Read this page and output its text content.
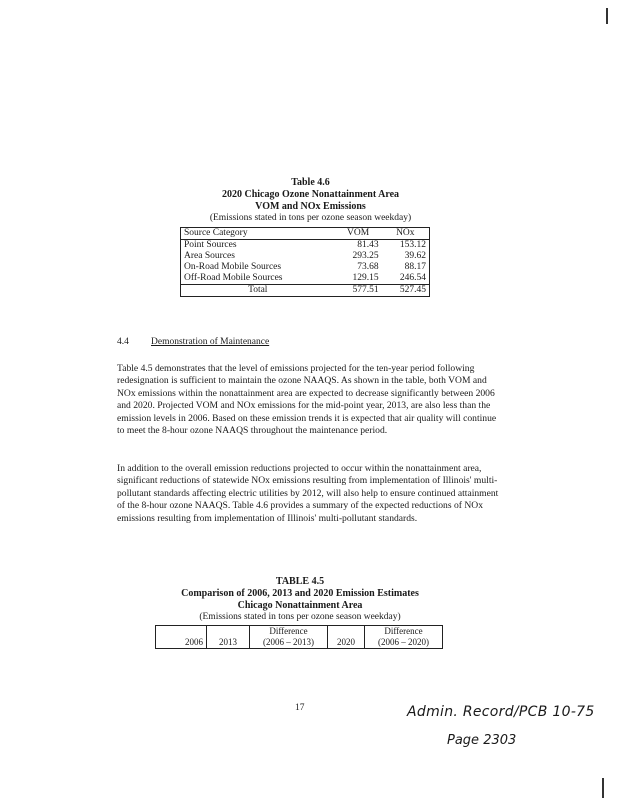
Table 4.6
2020 Chicago Ozone Nonattainment Area
VOM and NOx Emissions
(Emissions stated in tons per ozone season weekday)
Source Category	VOM	NOx
Point Sources	81.43	153.12
Area Sources	293.25	39.62
On-Road Mobile Sources	73.68	88.17
Off-Road Mobile Sources	129.15	246.54
Total	577.51	527.45
4.4 Demonstration of Maintenance
Table 4.5 demonstrates that the level of emissions projected for the ten-year period following redesignation is sufficient to maintain the ozone NAAQS. As shown in the table, both VOM and NOx emissions within the nonattainment area are expected to decrease significantly between 2006 and 2020. Projected VOM and NOx emissions for the mid-point year, 2013, are also less than the emission levels in 2006. Based on these emission trends it is expected that air quality will continue to meet the 8-hour ozone NAAQS throughout the maintenance period.
In addition to the overall emission reductions projected to occur within the nonattainment area, significant reductions of statewide NOx emissions resulting from implementation of Illinois' multi-pollutant standards affecting electric utilities by 2012, will also help to ensure continued attainment of the 8-hour ozone NAAQS. Table 4.6 provides a summary of the expected reductions of NOx emissions resulting from implementation of Illinois' multi-pollutant standards.
TABLE 4.5
Comparison of 2006, 2013 and 2020 Emission Estimates
Chicago Nonattainment Area
(Emissions stated in tons per ozone season weekday)
		Difference		Difference
2006	2013	(2006 – 2013)	2020	(2006 – 2020)
17	Admin. Record/PCB 10-75
Page 2303
